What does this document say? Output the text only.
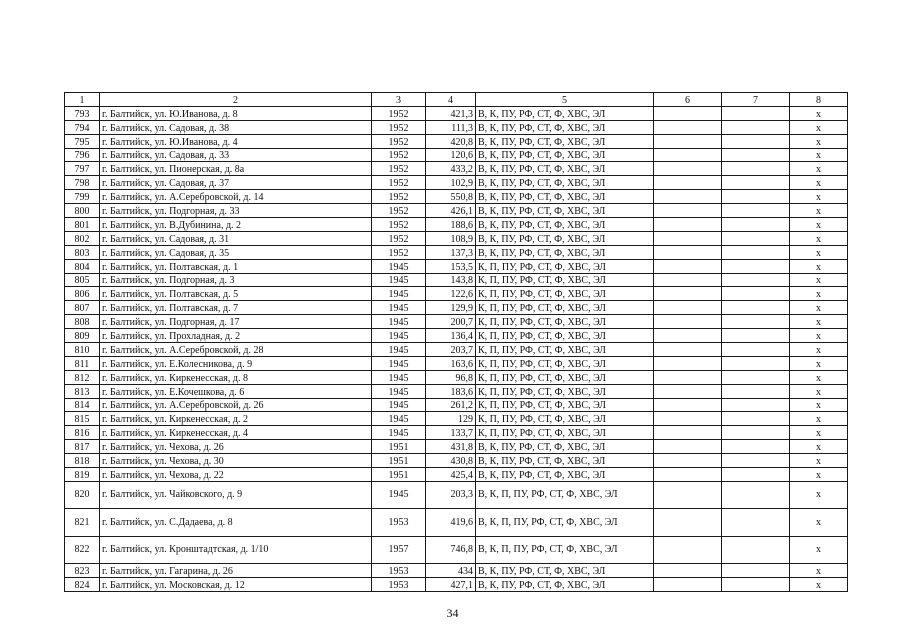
1	2	3	4	5	6	7	8
793	г. Балтийск, ул. Ю.Иванова, д. 8	1952	421,3	В, К, ПУ, РФ, СТ, Ф, ХВС, ЭЛ			x
794	г. Балтийск, ул. Садовая, д. 38	1952	111,3	В, К, ПУ, РФ, СТ, Ф, ХВС, ЭЛ			x
795	г. Балтийск, ул. Ю.Иванова, д. 4	1952	420,8	В, К, ПУ, РФ, СТ, Ф, ХВС, ЭЛ			x
796	г. Балтийск, ул. Садовая, д. 33	1952	120,6	В, К, ПУ, РФ, СТ, Ф, ХВС, ЭЛ			x
797	г. Балтийск, ул. Пионерская, д. 8а	1952	433,2	В, К, ПУ, РФ, СТ, Ф, ХВС, ЭЛ			x
798	г. Балтийск, ул. Садовая, д. 37	1952	102,9	В, К, ПУ, РФ, СТ, Ф, ХВС, ЭЛ			x
799	г. Балтийск, ул. А.Серебровской, д. 14	1952	550,8	В, К, ПУ, РФ, СТ, Ф, ХВС, ЭЛ			x
800	г. Балтийск, ул. Подгорная, д. 33	1952	426,1	В, К, ПУ, РФ, СТ, Ф, ХВС, ЭЛ			x
801	г. Балтийск, ул. В.Дубинина, д. 2	1952	188,6	В, К, ПУ, РФ, СТ, Ф, ХВС, ЭЛ			x
802	г. Балтийск, ул. Садовая, д. 31	1952	108,9	В, К, ПУ, РФ, СТ, Ф, ХВС, ЭЛ			x
803	г. Балтийск, ул. Садовая, д. 35	1952	137,3	В, К, ПУ, РФ, СТ, Ф, ХВС, ЭЛ			x
804	г. Балтийск, ул. Полтавская, д. 1	1945	153,5	К, П, ПУ, РФ, СТ, Ф, ХВС, ЭЛ			x
805	г. Балтийск, ул. Подгорная, д. 3	1945	143,8	К, П, ПУ, РФ, СТ, Ф, ХВС, ЭЛ			x
806	г. Балтийск, ул. Полтавская, д. 5	1945	122,6	К, П, ПУ, РФ, СТ, Ф, ХВС, ЭЛ			x
807	г. Балтийск, ул. Полтавская, д. 7	1945	129,9	К, П, ПУ, РФ, СТ, Ф, ХВС, ЭЛ			x
808	г. Балтийск, ул. Подгорная, д. 17	1945	200,7	К, П, ПУ, РФ, СТ, Ф, ХВС, ЭЛ			x
809	г. Балтийск, ул. Прохладная, д. 2	1945	136,4	К, П, ПУ, РФ, СТ, Ф, ХВС, ЭЛ			x
810	г. Балтийск, ул. А.Серебровской, д. 28	1945	203,7	К, П, ПУ, РФ, СТ, Ф, ХВС, ЭЛ			x
811	г. Балтийск, ул. Е.Колесникова, д. 9	1945	163,6	К, П, ПУ, РФ, СТ, Ф, ХВС, ЭЛ			x
812	г. Балтийск, ул. Киркенесская, д. 8	1945	96,8	К, П, ПУ, РФ, СТ, Ф, ХВС, ЭЛ			x
813	г. Балтийск, ул. Е.Кочешкова, д. 6	1945	183,6	К, П, ПУ, РФ, СТ, Ф, ХВС, ЭЛ			x
814	г. Балтийск, ул. А.Серебровской, д. 26	1945	261,2	К, П, ПУ, РФ, СТ, Ф, ХВС, ЭЛ			x
815	г. Балтийск, ул. Киркенесская, д. 2	1945	129	К, П, ПУ, РФ, СТ, Ф, ХВС, ЭЛ			x
816	г. Балтийск, ул. Киркенесская, д. 4	1945	133,7	К, П, ПУ, РФ, СТ, Ф, ХВС, ЭЛ			x
817	г. Балтийск, ул. Чехова, д. 26	1951	431,8	В, К, ПУ, РФ, СТ, Ф, ХВС, ЭЛ			x
818	г. Балтийск, ул. Чехова, д. 30	1951	430,8	В, К, ПУ, РФ, СТ, Ф, ХВС, ЭЛ			x
819	г. Балтийск, ул. Чехова, д. 22	1951	425,4	В, К, ПУ, РФ, СТ, Ф, ХВС, ЭЛ			x
820	г. Балтийск, ул. Чайковского, д. 9	1945	203,3	В, К, П, ПУ, РФ, СТ, Ф, ХВС, ЭЛ			x
821	г. Балтийск, ул. С.Дадаева, д. 8	1953	419,6	В, К, П, ПУ, РФ, СТ, Ф, ХВС, ЭЛ			x
822	г. Балтийск, ул. Кронштадтская, д. 1/10	1957	746,8	В, К, П, ПУ, РФ, СТ, Ф, ХВС, ЭЛ			x
823	г. Балтийск, ул. Гагарина, д. 26	1953	434	В, К, ПУ, РФ, СТ, Ф, ХВС, ЭЛ			x
824	г. Балтийск, ул. Московская, д. 12	1953	427,1	В, К, ПУ, РФ, СТ, Ф, ХВС, ЭЛ			x
34
